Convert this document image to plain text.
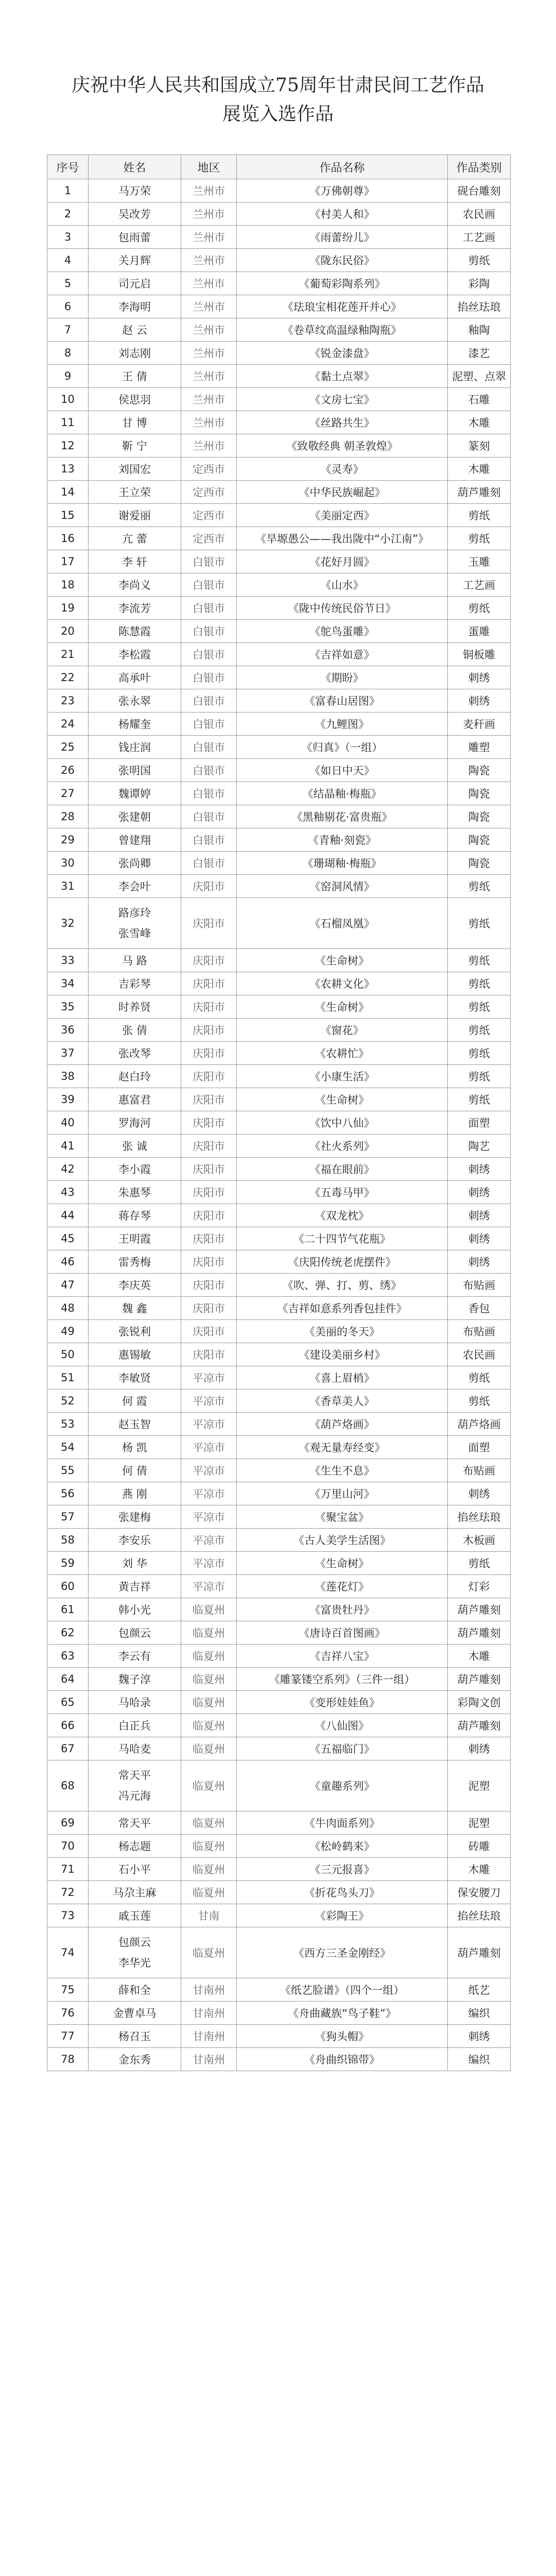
庆祝中华人民共和国成立75周年甘肃民间工艺作品
展览入选作品
序号	姓名	地区	作品名称	作品类别
1	马万荣	兰州市	《万佛朝尊》	砚台雕刻
2	吴改芳	兰州市	《村美人和》	农民画
3	包雨蕾	兰州市	《雨蕾纷儿》	工艺画
4	关月辉	兰州市	《陇东民俗》	剪纸
5	司元启	兰州市	《葡萄彩陶系列》	彩陶
6	李海明	兰州市	《珐琅宝相花莲开并心》	掐丝珐琅
7	赵 云	兰州市	《卷草纹高温绿釉陶瓶》	釉陶
8	刘志刚	兰州市	《锐金漆盘》	漆艺
9	王 倩	兰州市	《黏土点翠》	泥塑、点翠
10	侯思羽	兰州市	《文房七宝》	石雕
11	甘 博	兰州市	《丝路共生》	木雕
12	靳 宁	兰州市	《致敬经典 朝圣敦煌》	篆刻
13	刘国宏	定西市	《灵寿》	木雕
14	王立荣	定西市	《中华民族崛起》	葫芦雕刻
15	谢爱丽	定西市	《美丽定西》	剪纸
16	亢 蕾	定西市	《旱塬愚公——我出陇中“小江南”》	剪纸
17	李 轩	白银市	《花好月圆》	玉雕
18	李尚义	白银市	《山水》	工艺画
19	李流芳	白银市	《陇中传统民俗节日》	剪纸
20	陈慧霞	白银市	《鸵鸟蛋雕》	蛋雕
21	李松霞	白银市	《吉祥如意》	铜板雕
22	高承叶	白银市	《期盼》	刺绣
23	张永翠	白银市	《富春山居图》	刺绣
24	杨耀奎	白银市	《九鲤图》	麦秆画
25	钱庄润	白银市	《归真》（一组）	雕塑
26	张明国	白银市	《如日中天》	陶瓷
27	魏谭婷	白银市	《结晶釉·梅瓶》	陶瓷
28	张建朝	白银市	《黑釉剔花·富贵瓶》	陶瓷
29	曾建翔	白银市	《青釉·刻瓷》	陶瓷
30	张尚卿	白银市	《珊瑚釉·梅瓶》	陶瓷
31	李会叶	庆阳市	《窑洞风情》	剪纸
32	路彦玲
张雪峰	庆阳市	《石榴凤凰》	剪纸
33	马 路	庆阳市	《生命树》	剪纸
34	吉彩琴	庆阳市	《农耕文化》	剪纸
35	时养贤	庆阳市	《生命树》	剪纸
36	张 倩	庆阳市	《窗花》	剪纸
37	张改琴	庆阳市	《农耕忙》	剪纸
38	赵白玲	庆阳市	《小康生活》	剪纸
39	惠富君	庆阳市	《生命树》	剪纸
40	罗海河	庆阳市	《饮中八仙》	面塑
41	张 诚	庆阳市	《社火系列》	陶艺
42	李小霞	庆阳市	《福在眼前》	刺绣
43	朱惠琴	庆阳市	《五毒马甲》	刺绣
44	蒋存琴	庆阳市	《双龙枕》	刺绣
45	王明霞	庆阳市	《二十四节气花瓶》	刺绣
46	雷秀梅	庆阳市	《庆阳传统老虎摆件》	刺绣
47	李庆英	庆阳市	《吹、弹、打、剪、绣》	布贴画
48	魏 鑫	庆阳市	《吉祥如意系列香包挂件》	香包
49	张锐利	庆阳市	《美丽的冬天》	布贴画
50	惠锡敏	庆阳市	《建设美丽乡村》	农民画
51	李敏贤	平凉市	《喜上眉梢》	剪纸
52	何 霞	平凉市	《香草美人》	剪纸
53	赵玉智	平凉市	《葫芦烙画》	葫芦烙画
54	杨 凯	平凉市	《观无量寿经变》	面塑
55	何 倩	平凉市	《生生不息》	布贴画
56	燕 刚	平凉市	《万里山河》	刺绣
57	张建梅	平凉市	《聚宝盆》	掐丝珐琅
58	李安乐	平凉市	《古人美学生活图》	木板画
59	刘 华	平凉市	《生命树》	剪纸
60	黄吉祥	平凉市	《莲花灯》	灯彩
61	韩小光	临夏州	《富贵牡丹》	葫芦雕刻
62	包颜云	临夏州	《唐诗百首图画》	葫芦雕刻
63	李云有	临夏州	《吉祥八宝》	木雕
64	魏子淳	临夏州	《雕篆镂空系列》（三件一组）	葫芦雕刻
65	马哈录	临夏州	《变形娃娃鱼》	彩陶文创
66	白正兵	临夏州	《八仙图》	葫芦雕刻
67	马哈麦	临夏州	《五福临门》	刺绣
68	常天平
冯元海	临夏州	《童趣系列》	泥塑
69	常天平	临夏州	《牛肉面系列》	泥塑
70	杨志题	临夏州	《松岭鹤来》	砖雕
71	石小平	临夏州	《三元报喜》	木雕
72	马尕主麻	临夏州	《折花鸟头刀》	保安腰刀
73	戚玉莲	甘南	《彩陶王》	掐丝珐琅
74	包颜云
李华光	临夏州	《西方三圣金刚经》	葫芦雕刻
75	薛和全	甘南州	《纸艺脸谱》（四个一组）	纸艺
76	金曹卓马	甘南州	《舟曲藏族“鸟子鞋”》	编织
77	杨召玉	甘南州	《狗头帽》	刺绣
78	金东秀	甘南州	《舟曲织锦带》	编织
